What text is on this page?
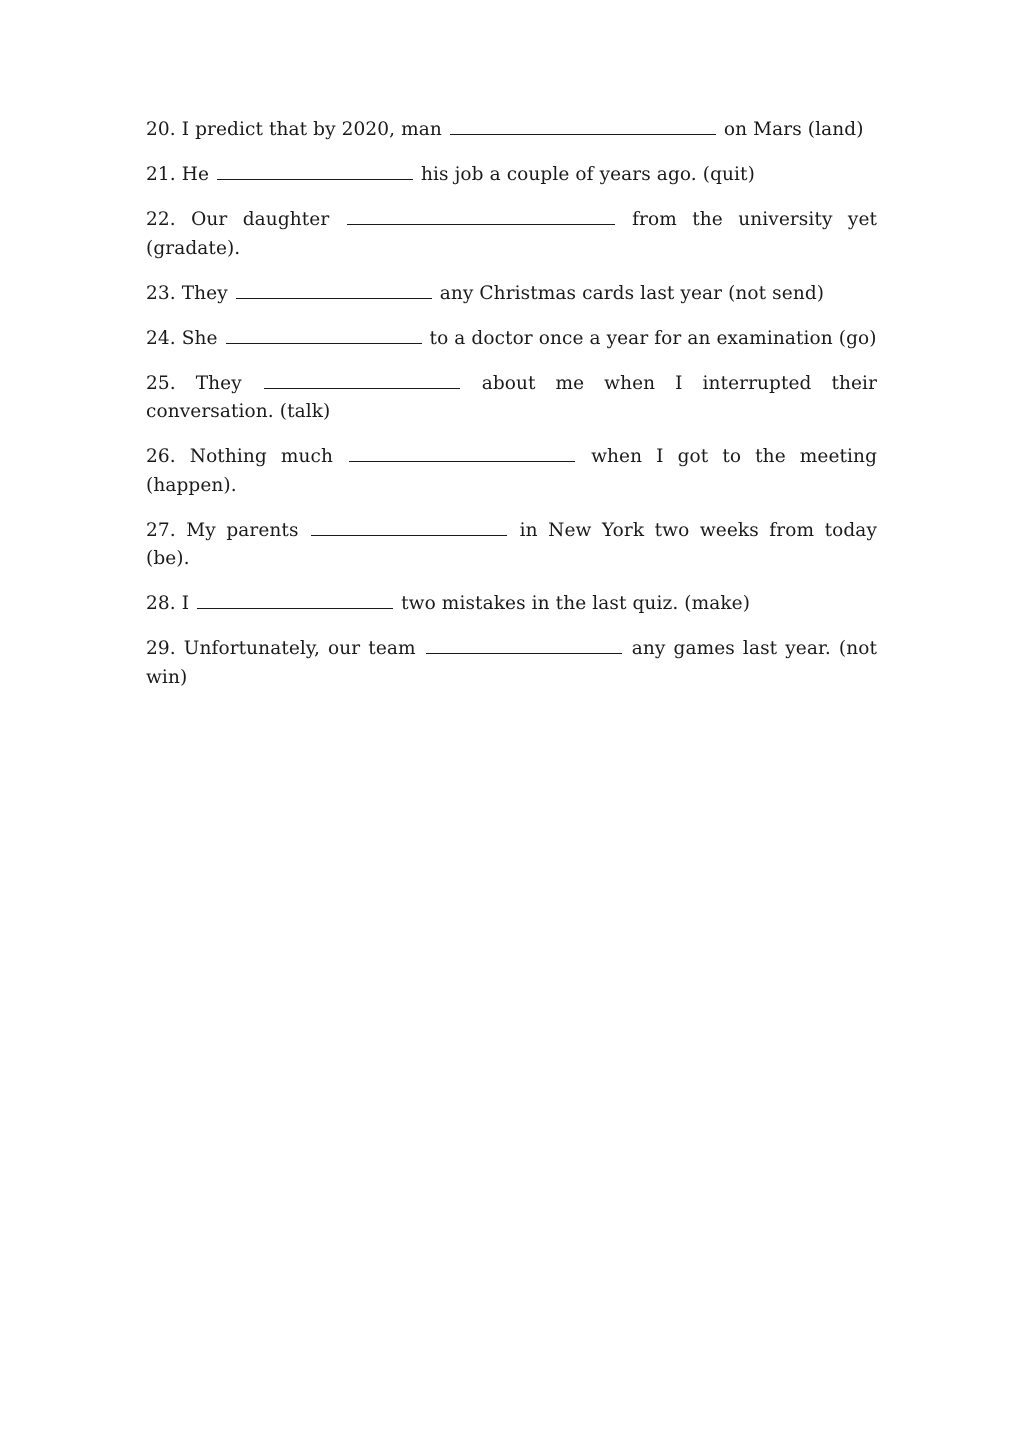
20. I predict that by 2020, man	on Mars (land)

21. He	his job a couple of years ago. (quit)

22. Our daughter	from the university yet (gradate).

23. They	any Christmas cards last year (not send)

24. She	to a doctor once a year for an examination (go)

25. They	about me when I interrupted their conversation. (talk)

26. Nothing much	when I got to the meeting (happen).

27. My parents	in New York two weeks from today (be).

28. I	two mistakes in the last quiz. (make)

29. Unfortunately, our team	any games last year. (not win)
